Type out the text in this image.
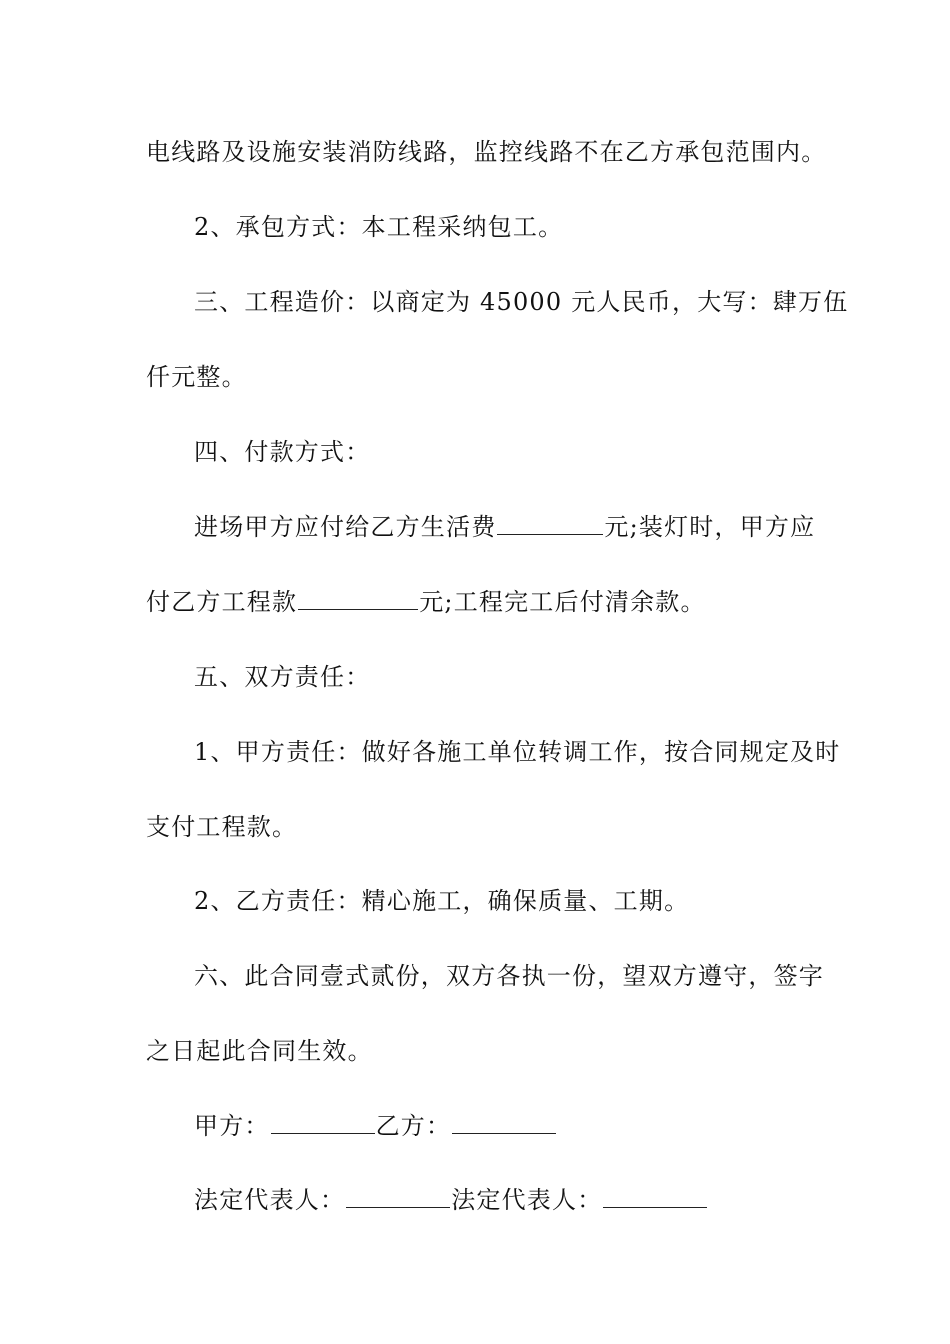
电线路及设施安装消防线路，监控线路不在乙方承包范围内。
2、承包方式：本工程采纳包工。
三、工程造价：以商定为 45000 元人民币，大写：肆万伍
仟元整。
四、付款方式：
进场甲方应付给乙方生活费	元;装灯时，甲方应
付乙方工程款	元;工程完工后付清余款。
五、双方责任：
1、甲方责任：做好各施工单位转调工作，按合同规定及时
支付工程款。
2、乙方责任：精心施工，确保质量、工期。
六、此合同壹式贰份，双方各执一份，望双方遵守，签字
之日起此合同生效。
甲方：	乙方：
法定代表人：	法定代表人：
